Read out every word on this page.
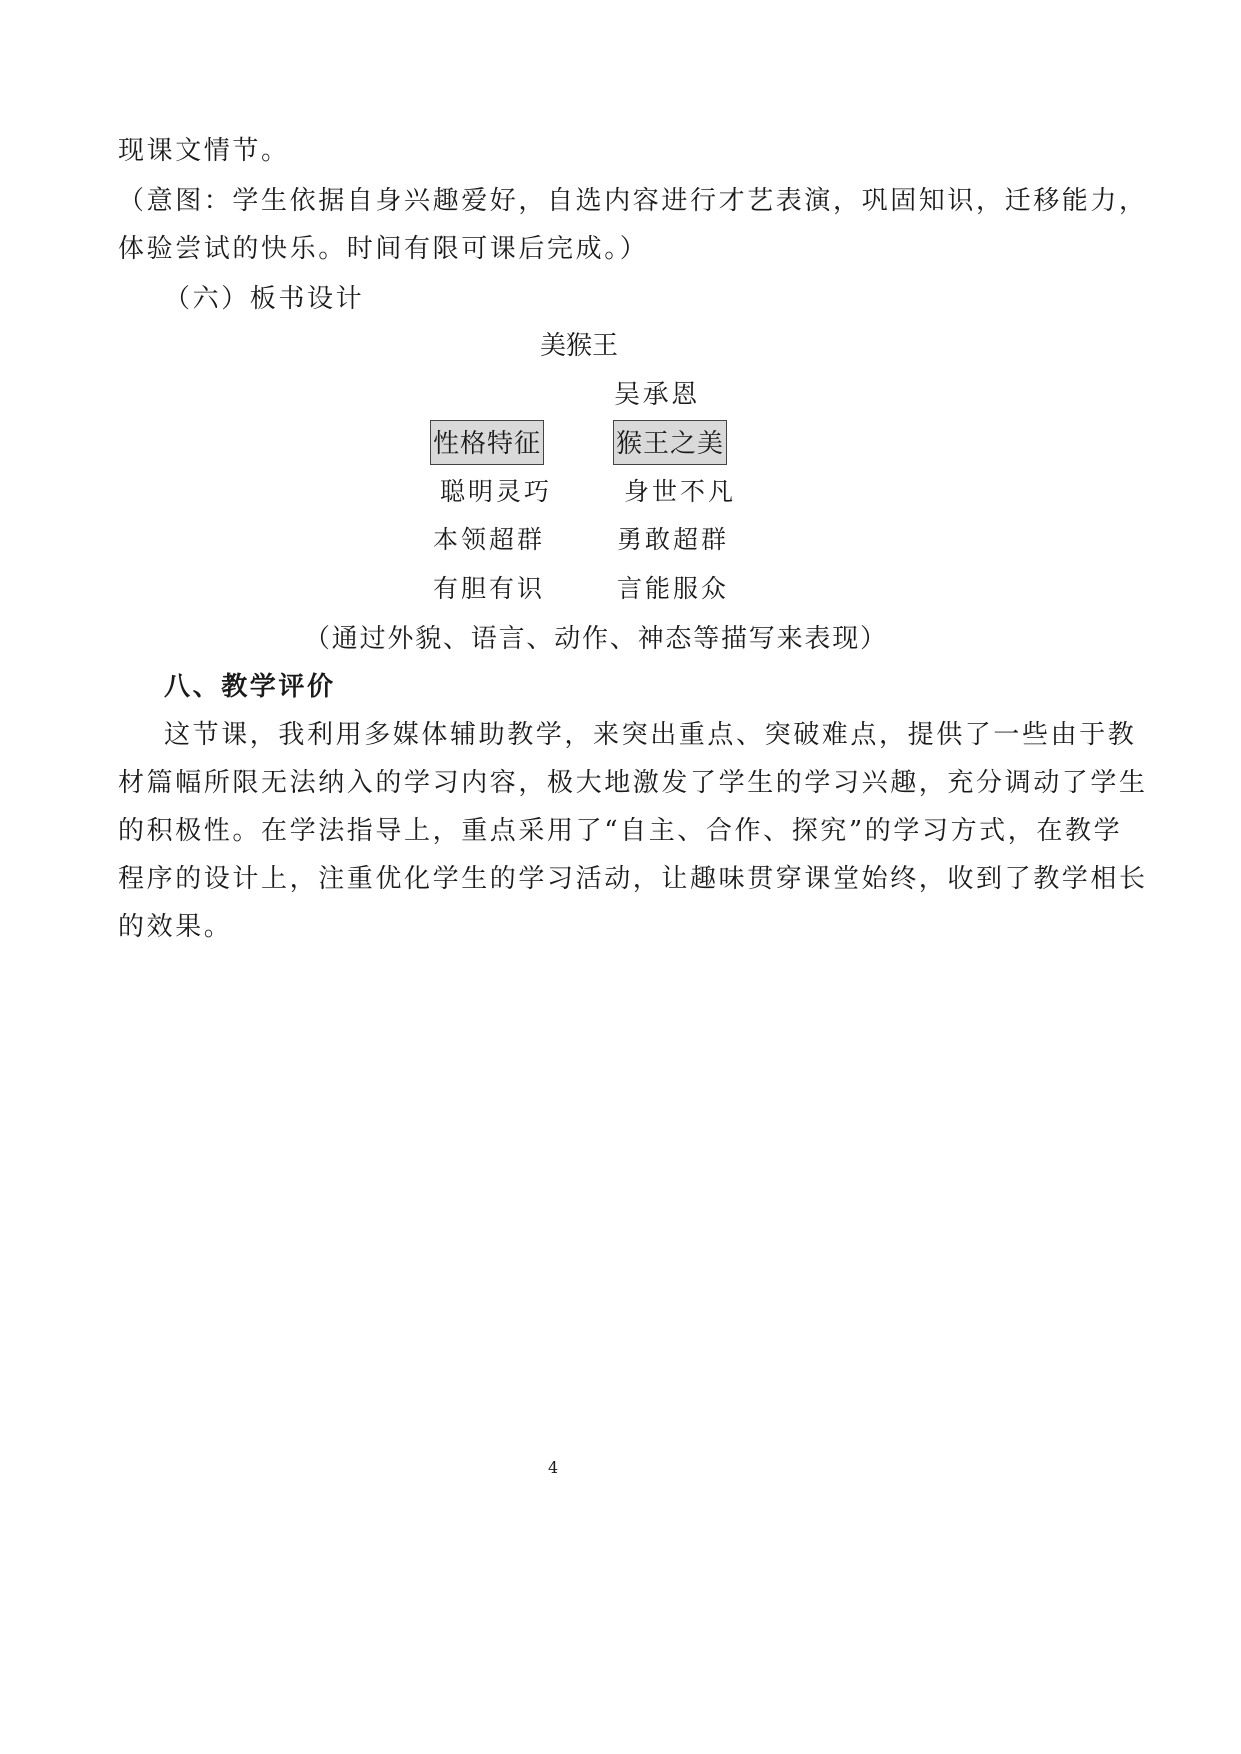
现课文情节。

（意图：学生依据自身兴趣爱好，自选内容进行才艺表演，巩固知识，迁移能力，

体验尝试的快乐。时间有限可课后完成。）

（六）板书设计

美猴王

吴承恩

性格特征	猴王之美

聪明灵巧	身世不凡

本领超群	勇敢超群

有胆有识	言能服众

（通过外貌、语言、动作、神态等描写来表现）

八、教学评价

这节课，我利用多媒体辅助教学，来突出重点、突破难点，提供了一些由于教

材篇幅所限无法纳入的学习内容，极大地激发了学生的学习兴趣，充分调动了学生

的积极性。在学法指导上，重点采用了“自主、合作、探究”的学习方式，在教学

程序的设计上，注重优化学生的学习活动，让趣味贯穿课堂始终，收到了教学相长

的效果。

4
